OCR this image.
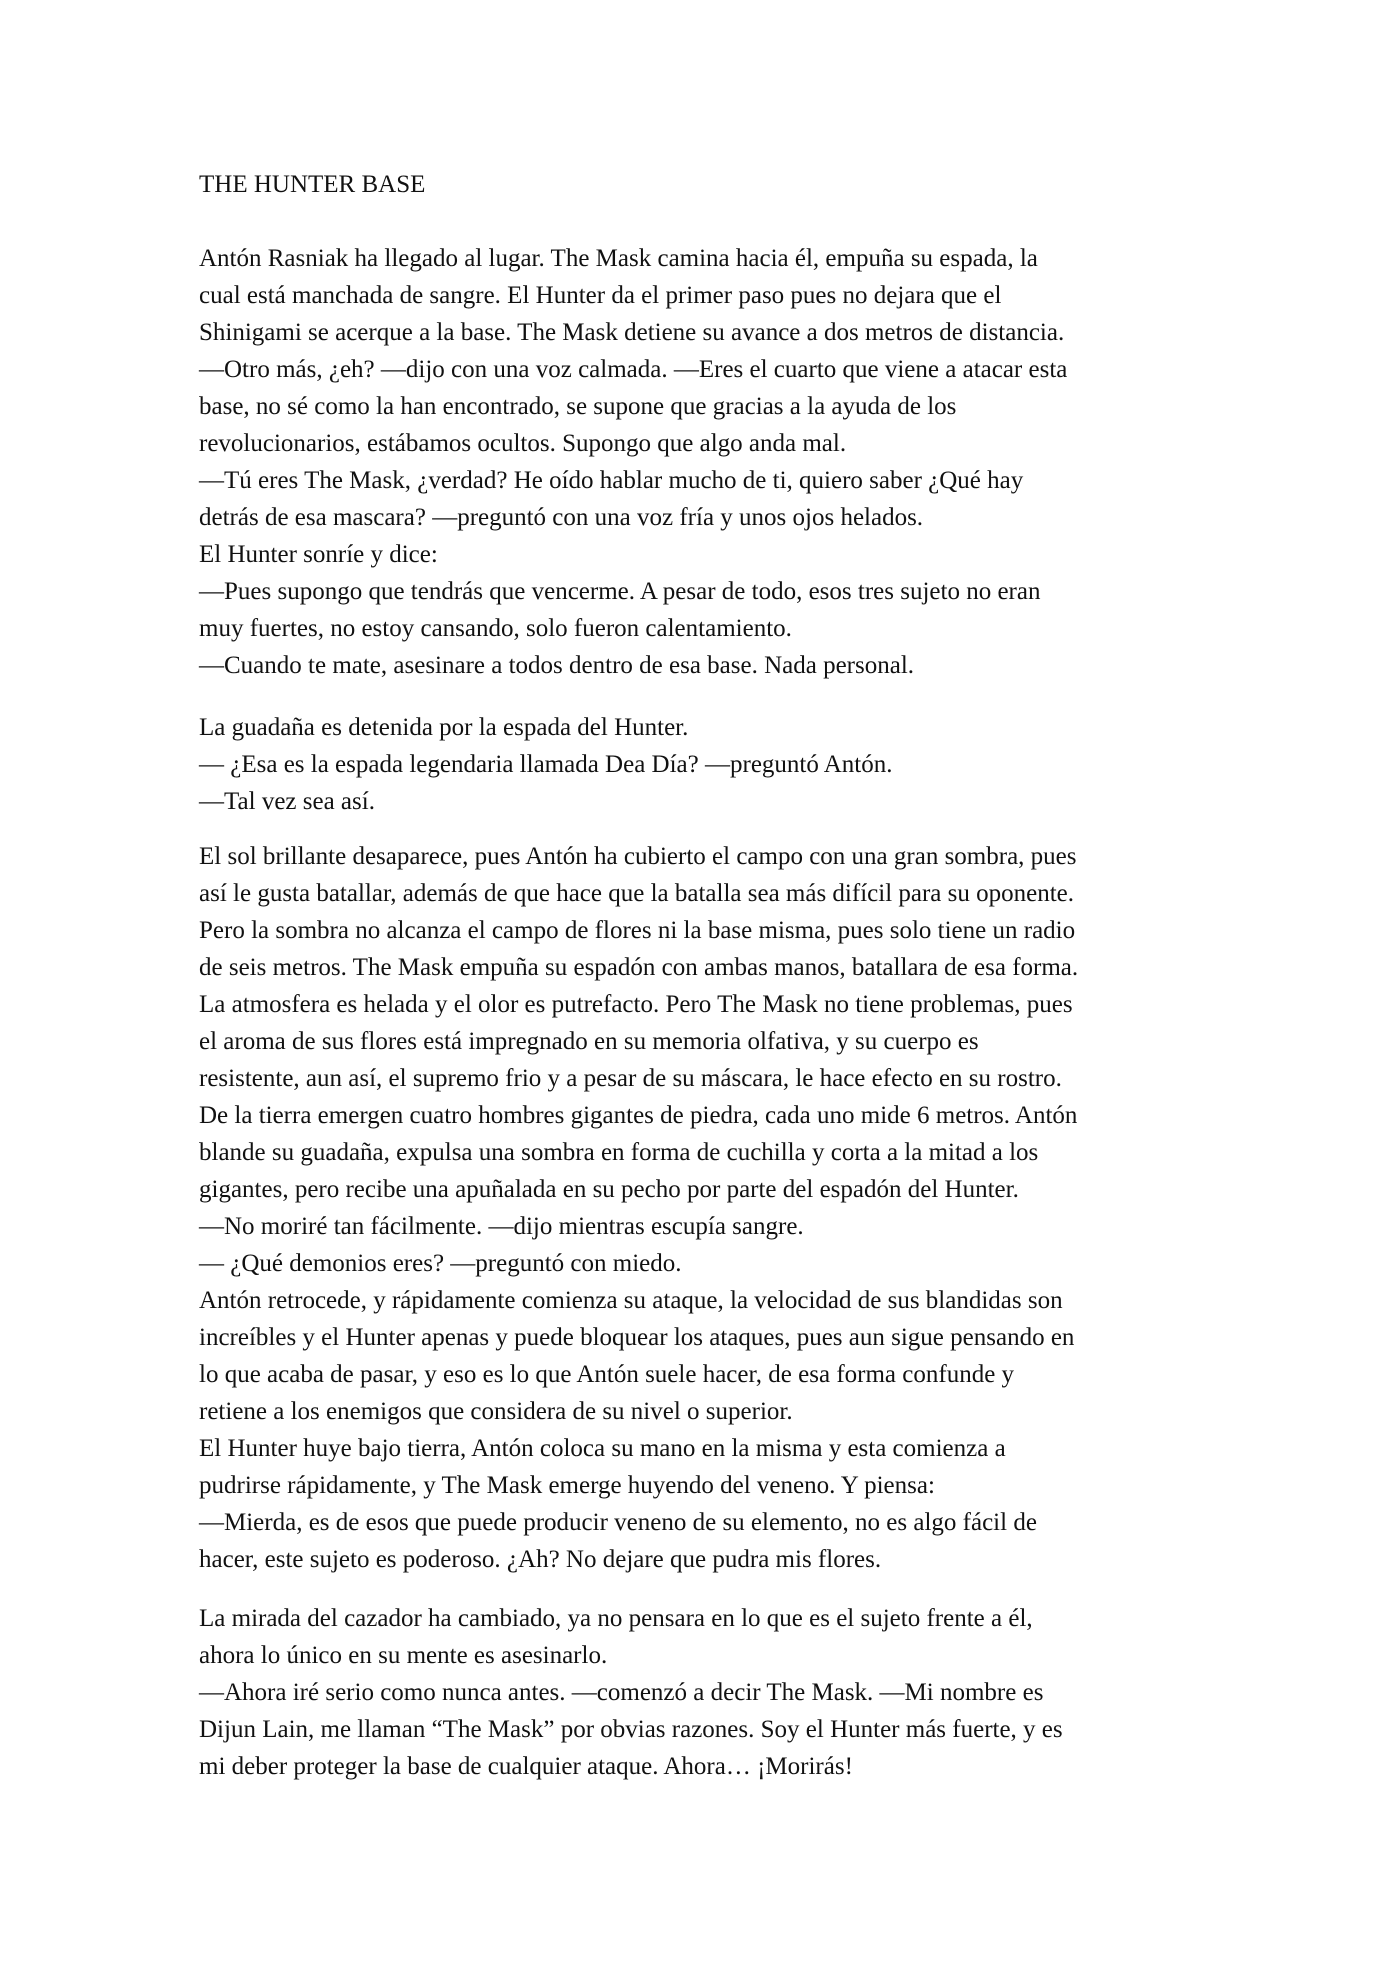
THE HUNTER BASE
Antón Rasniak ha llegado al lugar. The Mask camina hacia él, empuña su espada, la
cual está manchada de sangre. El Hunter da el primer paso pues no dejara que el
Shinigami se acerque a la base. The Mask detiene su avance a dos metros de distancia.
—Otro más, ¿eh? —dijo con una voz calmada. —Eres el cuarto que viene a atacar esta
base, no sé como la han encontrado, se supone que gracias a la ayuda de los
revolucionarios, estábamos ocultos. Supongo que algo anda mal.
—Tú eres The Mask, ¿verdad? He oído hablar mucho de ti, quiero saber ¿Qué hay
detrás de esa mascara? —preguntó con una voz fría y unos ojos helados.
El Hunter sonríe y dice:
—Pues supongo que tendrás que vencerme. A pesar de todo, esos tres sujeto no eran
muy fuertes, no estoy cansando, solo fueron calentamiento.
—Cuando te mate, asesinare a todos dentro de esa base. Nada personal.
La guadaña es detenida por la espada del Hunter.
— ¿Esa es la espada legendaria llamada Dea Día? —preguntó Antón.
—Tal vez sea así.
El sol brillante desaparece, pues Antón ha cubierto el campo con una gran sombra, pues
así le gusta batallar, además de que hace que la batalla sea más difícil para su oponente.
Pero la sombra no alcanza el campo de flores ni la base misma, pues solo tiene un radio
de seis metros. The Mask empuña su espadón con ambas manos, batallara de esa forma.
La atmosfera es helada y el olor es putrefacto. Pero The Mask no tiene problemas, pues
el aroma de sus flores está impregnado en su memoria olfativa, y su cuerpo es
resistente, aun así, el supremo frio y a pesar de su máscara, le hace efecto en su rostro.
De la tierra emergen cuatro hombres gigantes de piedra, cada uno mide 6 metros. Antón
blande su guadaña, expulsa una sombra en forma de cuchilla y corta a la mitad a los
gigantes, pero recibe una apuñalada en su pecho por parte del espadón del Hunter.
—No moriré tan fácilmente. —dijo mientras escupía sangre.
— ¿Qué demonios eres? —preguntó con miedo.
Antón retrocede, y rápidamente comienza su ataque, la velocidad de sus blandidas son
increíbles y el Hunter apenas y puede bloquear los ataques, pues aun sigue pensando en
lo que acaba de pasar, y eso es lo que Antón suele hacer, de esa forma confunde y
retiene a los enemigos que considera de su nivel o superior.
El Hunter huye bajo tierra, Antón coloca su mano en la misma y esta comienza a
pudrirse rápidamente, y The Mask emerge huyendo del veneno. Y piensa:
—Mierda, es de esos que puede producir veneno de su elemento, no es algo fácil de
hacer, este sujeto es poderoso. ¿Ah? No dejare que pudra mis flores.
La mirada del cazador ha cambiado, ya no pensara en lo que es el sujeto frente a él,
ahora lo único en su mente es asesinarlo.
—Ahora iré serio como nunca antes. —comenzó a decir The Mask. —Mi nombre es
Dijun Lain, me llaman “The Mask” por obvias razones. Soy el Hunter más fuerte, y es
mi deber proteger la base de cualquier ataque. Ahora… ¡Morirás!
